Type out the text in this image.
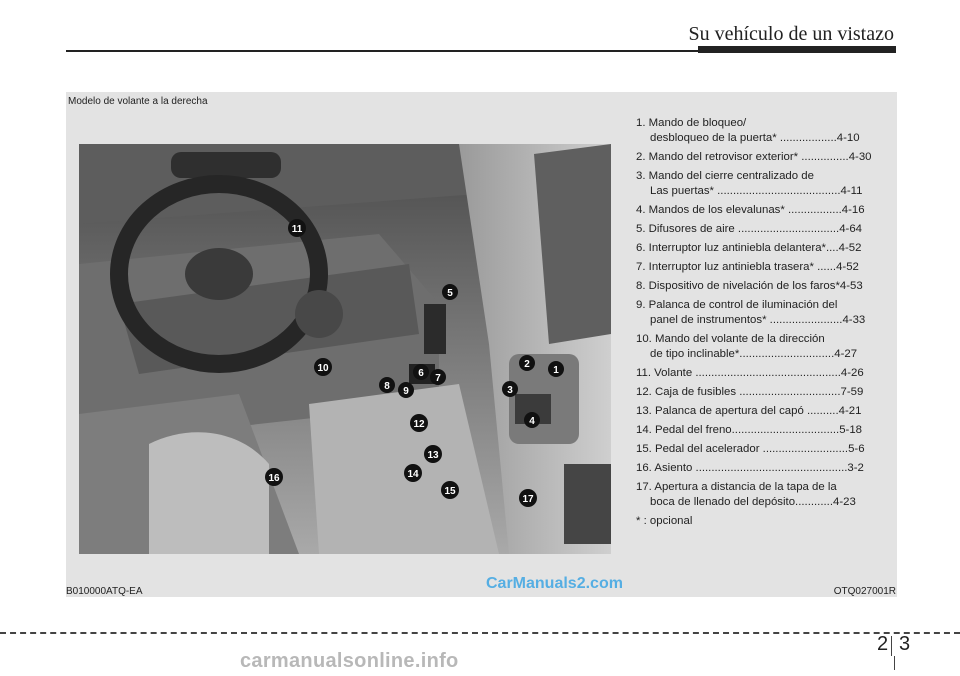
Su vehículo de un vistazo
Modelo de volante a la derecha
1
2
3
4
5
6 7
8 9
10
11
12
13
14
15
16
17
1. Mando de bloqueo/
desbloqueo de la puerta* ..................4-10
2. Mando del retrovisor exterior* ...............4-30
3. Mando del cierre centralizado de
Las puertas* .......................................4-11
4. Mandos de los elevalunas* .................4-16
5. Difusores de aire ................................4-64
6. Interruptor luz antiniebla delantera*....4-52
7. Interruptor luz antiniebla trasera* ......4-52
8. Dispositivo de nivelación de los faros*4-53
9. Palanca de control de iluminación del
panel de instrumentos* .......................4-33
10. Mando del volante de la dirección
de tipo inclinable*..............................4-27
11. Volante ..............................................4-26
12. Caja de fusibles ................................7-59
13. Palanca de apertura del capó ..........4-21
14. Pedal del freno..................................5-18
15. Pedal del acelerador ...........................5-6
16. Asiento ................................................3-2
17. Apertura a distancia de la tapa de la
boca de llenado del depósito............4-23
* : opcional
B010000ATQ-EA	OTQ027001R
CarManuals2.com
2 3
carmanualsonline.info
